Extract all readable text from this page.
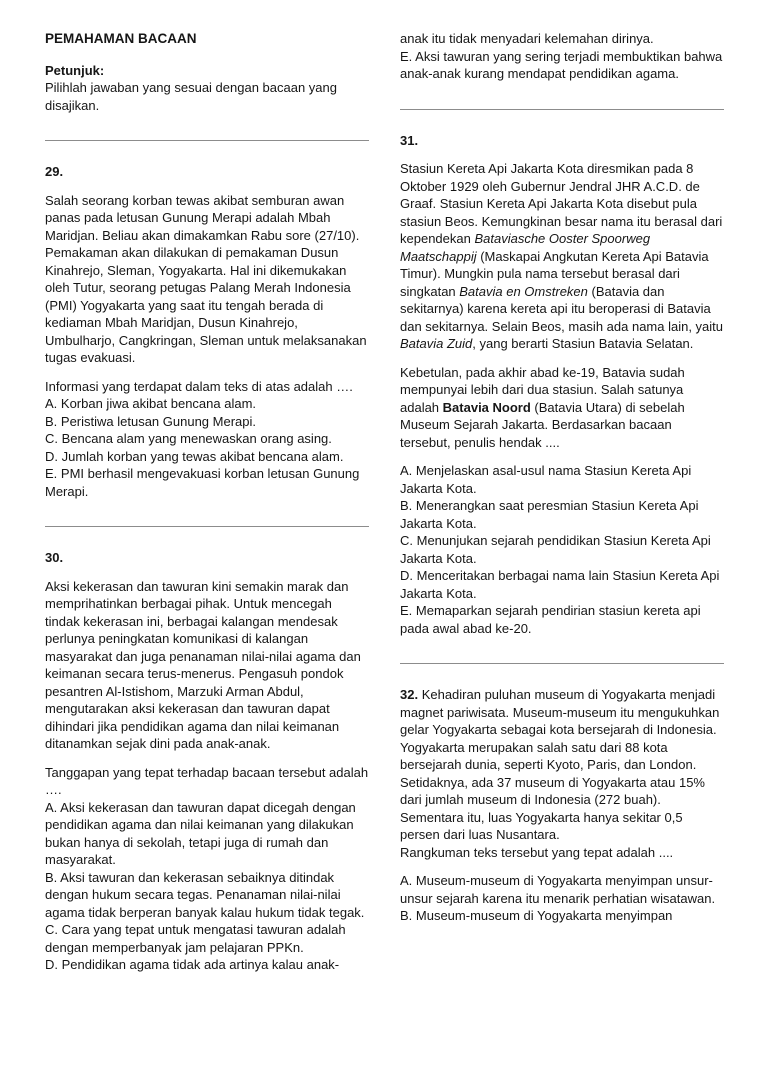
PEMAHAMAN BACAAN
Petunjuk:
Pilihlah jawaban yang sesuai dengan bacaan yang disajikan.
29.
Salah seorang korban tewas akibat semburan awan panas pada letusan Gunung Merapi adalah Mbah Maridjan. Beliau akan dimakamkan Rabu sore (27/10). Pemakaman akan dilakukan di pemakaman Dusun Kinahrejo, Sleman, Yogyakarta. Hal ini dikemukakan oleh Tutur, seorang petugas Palang Merah Indonesia (PMI) Yogyakarta yang saat itu tengah berada di kediaman Mbah Maridjan, Dusun Kinahrejo, Umbulharjo, Cangkringan, Sleman untuk melaksanakan tugas evakuasi.
Informasi yang terdapat dalam teks di atas adalah ….
A. Korban jiwa akibat bencana alam.
B. Peristiwa letusan Gunung Merapi.
C. Bencana alam yang menewaskan orang asing.
D. Jumlah korban yang tewas akibat bencana alam.
E. PMI berhasil mengevakuasi korban letusan Gunung Merapi.
30.
Aksi kekerasan dan tawuran kini semakin marak dan memprihatinkan berbagai pihak. Untuk mencegah tindak kekerasan ini, berbagai kalangan mendesak perlunya peningkatan komunikasi di kalangan masyarakat dan juga penanaman nilai-nilai agama dan keimanan secara terus-menerus. Pengasuh pondok pesantren Al-Istishom, Marzuki Arman Abdul, mengutarakan aksi kekerasan dan tawuran dapat dihindari jika pendidikan agama dan nilai keimanan ditanamkan sejak dini pada anak-anak.
Tanggapan yang tepat terhadap bacaan tersebut adalah ….
A. Aksi kekerasan dan tawuran dapat dicegah dengan pendidikan agama dan nilai keimanan yang dilakukan bukan hanya di sekolah, tetapi juga di rumah dan masyarakat.
B. Aksi tawuran dan kekerasan sebaiknya ditindak dengan hukum secara tegas. Penanaman nilai-nilai agama tidak berperan banyak kalau hukum tidak tegak.
C. Cara yang tepat untuk mengatasi tawuran adalah dengan memperbanyak jam pelajaran PPKn.
D. Pendidikan agama tidak ada artinya kalau anak-
anak itu tidak menyadari kelemahan dirinya.
E. Aksi tawuran yang sering terjadi membuktikan bahwa anak-anak kurang mendapat pendidikan agama.
31.
Stasiun Kereta Api Jakarta Kota diresmikan pada 8 Oktober 1929 oleh Gubernur Jendral JHR A.C.D. de Graaf. Stasiun Kereta Api Jakarta Kota disebut pula stasiun Beos. Kemungkinan besar nama itu berasal dari kependekan Bataviasche Ooster Spoorweg Maatschappij (Maskapai Angkutan Kereta Api Batavia Timur). Mungkin pula nama tersebut berasal dari singkatan Batavia en Omstreken (Batavia dan sekitarnya) karena kereta api itu beroperasi di Batavia dan sekitarnya. Selain Beos, masih ada nama lain, yaitu Batavia Zuid, yang berarti Stasiun Batavia Selatan.
Kebetulan, pada akhir abad ke-19, Batavia sudah mempunyai lebih dari dua stasiun. Salah satunya adalah Batavia Noord (Batavia Utara) di sebelah Museum Sejarah Jakarta. Berdasarkan bacaan tersebut, penulis hendak ....
A. Menjelaskan asal-usul nama Stasiun Kereta Api Jakarta Kota.
B. Menerangkan saat peresmian Stasiun Kereta Api Jakarta Kota.
C. Menunjukan sejarah pendidikan Stasiun Kereta Api Jakarta Kota.
D. Menceritakan berbagai nama lain Stasiun Kereta Api Jakarta Kota.
E. Memaparkan sejarah pendirian stasiun kereta api pada awal abad ke-20.
32. Kehadiran puluhan museum di Yogyakarta menjadi magnet pariwisata. Museum-museum itu mengukuhkan gelar Yogyakarta sebagai kota bersejarah di Indonesia. Yogyakarta merupakan salah satu dari 88 kota bersejarah dunia, seperti Kyoto, Paris, dan London. Setidaknya, ada 37 museum di Yogyakarta atau 15% dari jumlah museum di Indonesia (272 buah). Sementara itu, luas Yogyakarta hanya sekitar 0,5 persen dari luas Nusantara.
Rangkuman teks tersebut yang tepat adalah ....
A. Museum-museum di Yogyakarta menyimpan unsur-unsur sejarah karena itu menarik perhatian wisatawan.
B. Museum-museum di Yogyakarta menyimpan
